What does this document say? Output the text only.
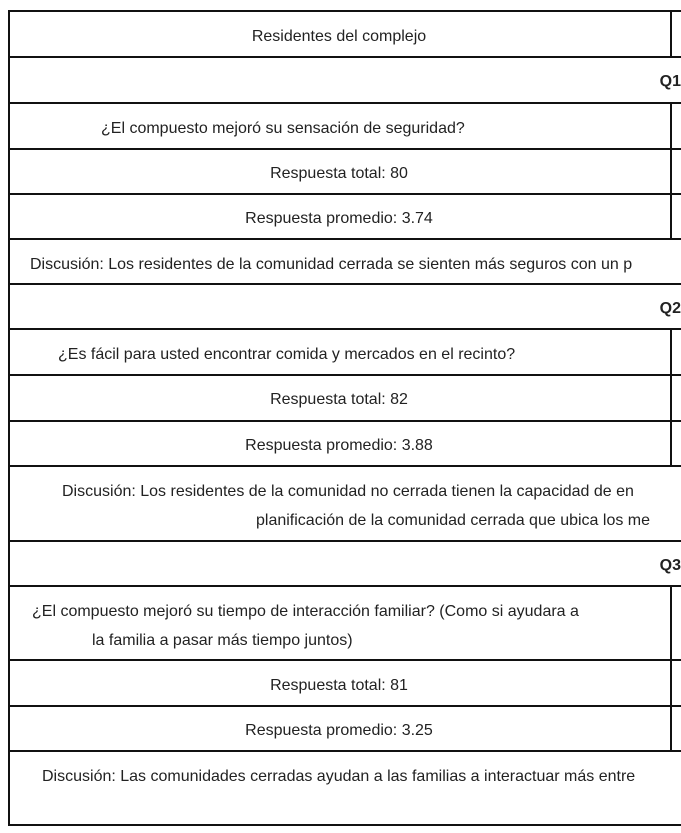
Residentes del complejo
Q1
¿El compuesto mejoró su sensación de seguridad?
Respuesta total: 80
Respuesta promedio: 3.74
Discusión: Los residentes de la comunidad cerrada se sienten más seguros con un p
Q2
¿Es fácil para usted encontrar comida y mercados en el recinto?
Respuesta total: 82
Respuesta promedio: 3.88
Discusión: Los residentes de la comunidad no cerrada tienen la capacidad de en
planificación de la comunidad cerrada que ubica los me
Q3
¿El compuesto mejoró su tiempo de interacción familiar? (Como si ayudara a
la familia a pasar más tiempo juntos)
Respuesta total: 81
Respuesta promedio: 3.25
Discusión: Las comunidades cerradas ayudan a las familias a interactuar más entre
